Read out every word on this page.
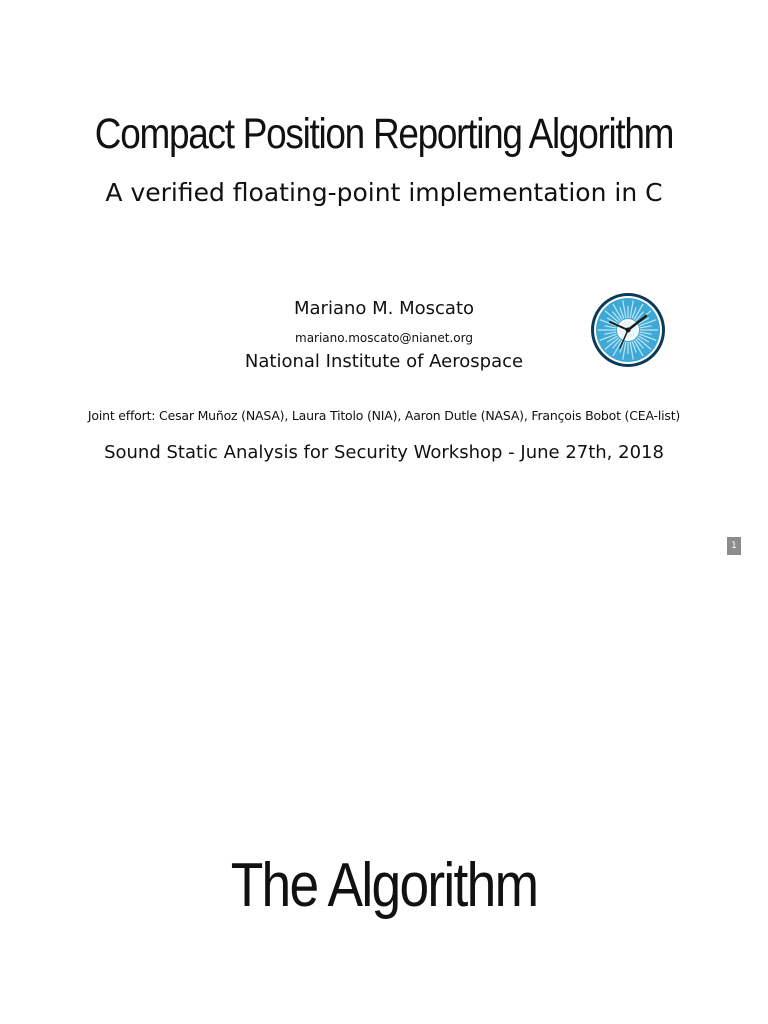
Compact Position Reporting Algorithm
A verified floating-point implementation in C
Mariano M. Moscato
mariano.moscato@nianet.org
National Institute of Aerospace
Joint effort: Cesar Muñoz (NASA), Laura Titolo (NIA), Aaron Dutle (NASA), François Bobot (CEA-list)
Sound Static Analysis for Security Workshop - June 27th, 2018
1
The Algorithm
